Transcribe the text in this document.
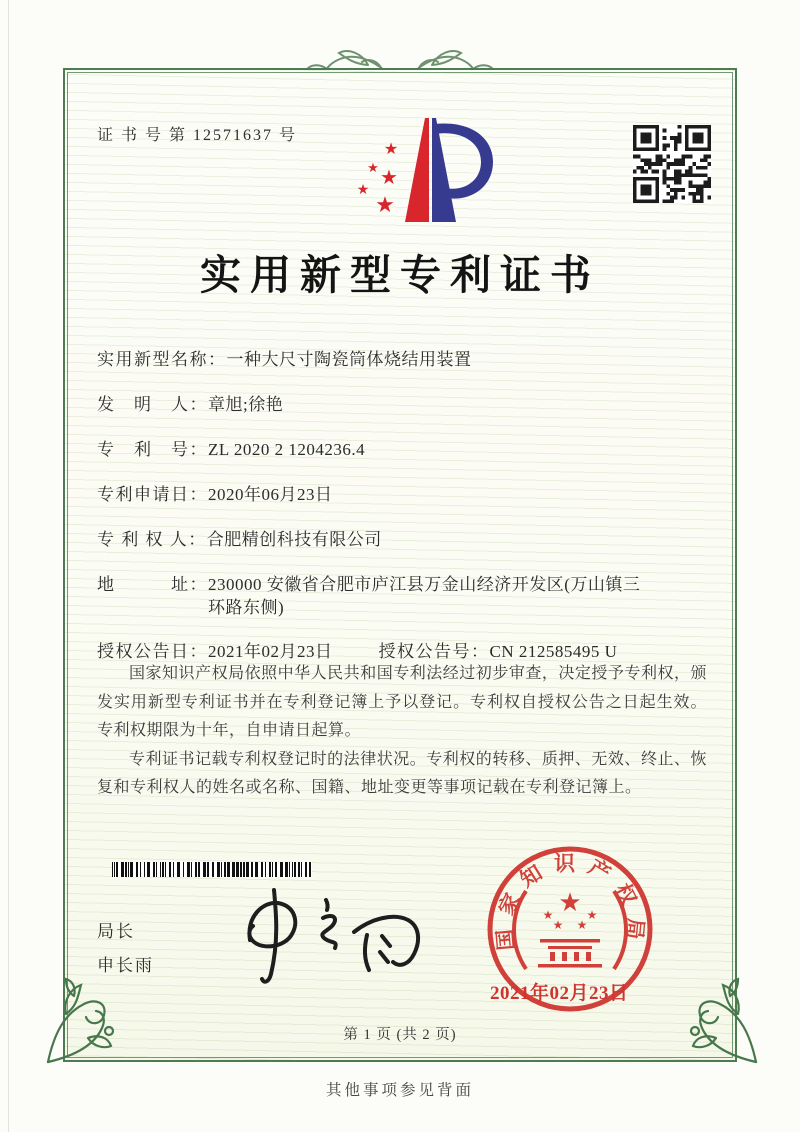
证 书 号 第 12571637 号
★
★ ★
★
★
实用新型专利证书
实用新型名称： 一种大尺寸陶瓷筒体烧结用装置
发　明　人： 章旭;徐艳
专　利　号： ZL 2020 2 1204236.4
专利申请日： 2020年06月23日
专 利 权 人： 合肥精创科技有限公司
地　　　址： 230000 安徽省合肥市庐江县万金山经济开发区(万山镇三环路东侧)
授权公告日： 2021年02月23日	授权公告号： CN 212585495 U

国家知识产权局依照中华人民共和国专利法经过初步审查，决定授予专利权，颁发实用新型专利证书并在专利登记簿上予以登记。专利权自授权公告之日起生效。专利权期限为十年，自申请日起算。

专利证书记载专利权登记时的法律状况。专利权的转移、质押、无效、终止、恢复和专利权人的姓名或名称、国籍、地址变更等事项记载在专利登记簿上。

局长
申长雨
国家知识产权局
★
★	★
★ ★
2021年02月23日
第 1 页 (共 2 页)
其他事项参见背面
